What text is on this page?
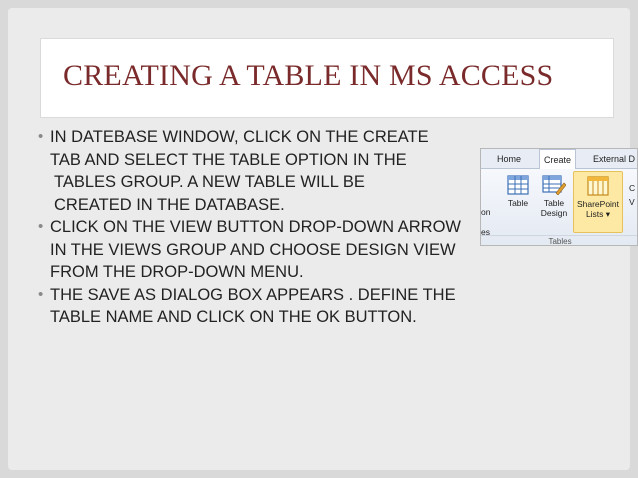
CREATING A TABLE IN MS ACCESS
• IN DATEBASE WINDOW, CLICK ON THE CREATE
TAB AND SELECT THE TABLE OPTION IN THE
TABLES GROUP. A NEW TABLE WILL BE
CREATED IN THE DATABASE.
• CLICK ON THE VIEW BUTTON DROP-DOWN ARROW
IN THE VIEWS GROUP AND CHOOSE DESIGN VIEW
FROM THE DROP-DOWN MENU.
• THE SAVE AS DIALOG BOX APPEARS . DEFINE THE
TABLE NAME AND CLICK ON THE OK BUTTON.
Home	Create	External D
on
es
Table	Table
Design
SharePoint
Lists ▾
C
V
Tables
